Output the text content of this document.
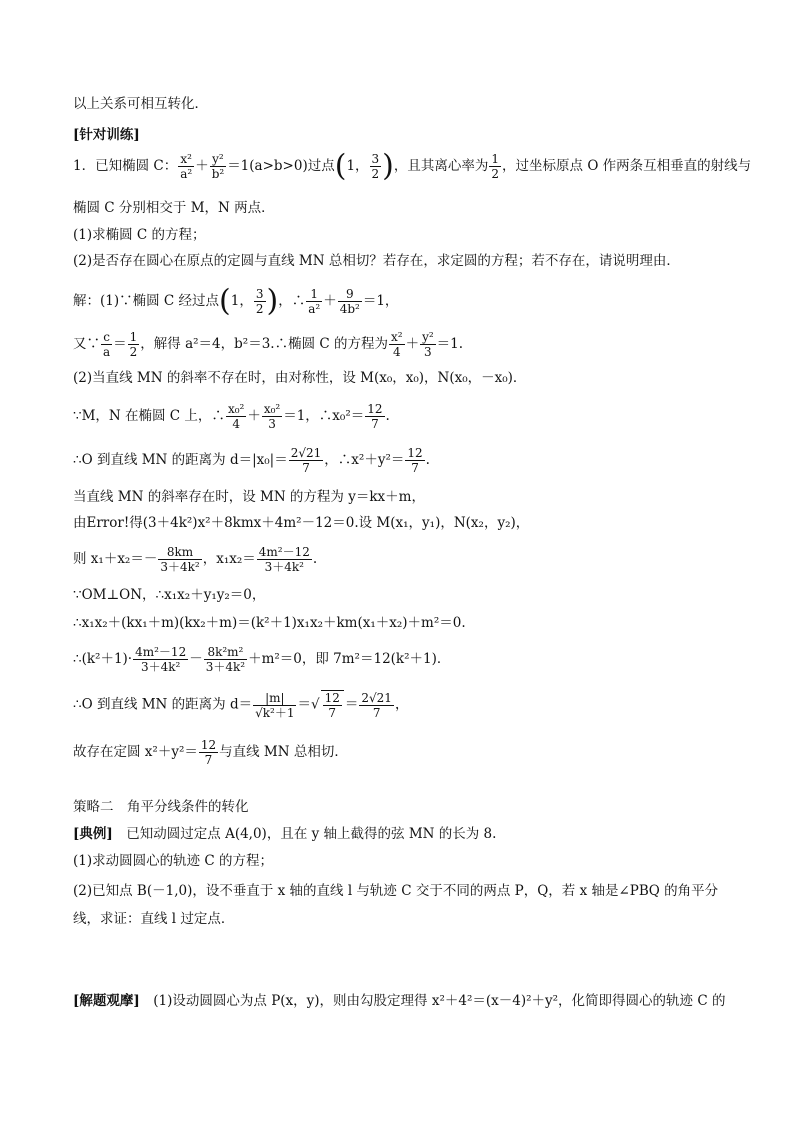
以上关系可相互转化．
[针对训练]
1．已知椭圆 C： $\frac{\text{x²}}{\text{a²}} + \frac{\text{y²}}{\text{b²}} =1(a>b>0)$过点(1， $\frac{3}{2}$ )，且其离心率为 $\frac{1}{2}$ ，过坐标原点 O 作两条互相垂直的射线与
椭圆 C 分别相交于 M，N 两点．
(1)求椭圆 C 的方程；
(2)是否存在圆心在原点的定圆与直线 MN 总相切？若存在，求定圆的方程；若不存在，请说明理由．
解：(1)∵椭圆 C 经过点(1， $\frac{3}{2}$ )，∴ $\frac{1}{\text{a²}} + \frac{9}{\text{4b²}} =1$，
又∵ $\frac{c}{a} = \frac{1}{2}$ ，解得 a²＝4，b²＝3.∴椭圆 C 的方程为 $\frac{\text{x²}}{4} + \frac{\text{y²}}{3} =1$.
(2)当直线 MN 的斜率不存在时，由对称性，设 M(x₀，x₀)，N(x₀，－x₀)．
∵M，N 在椭圆 C 上，∴ $\frac{\text{x₀²}}{4} + \frac{\text{x₀²}}{3} =1$，∴x₀²＝ $\frac{12}{7}$ .
∴O 到直线 MN 的距离为 $d=|x_0|= \frac{2√21}{7}$ ，∴x²＋y²＝ $\frac{12}{7}$ .
当直线 MN 的斜率存在时，设 MN 的方程为 y＝kx＋m，
由Error!得(3＋4k²)x²＋8kmx＋4m²－12＝0.设 M(x₁，y₁)，N(x₂，y₂)，
则 $x_1+x_2=- \frac{8km}{\text{3＋4k²}}$ ，$x_1x_2= \frac{\text{4m²－12}}{\text{3＋4k²}}$ .
∵OM⊥ON，∴x₁x₂＋y₁y₂＝0，
∴x₁x₂＋(kx₁＋m)(kx₂＋m)＝(k²＋1)x₁x₂＋km(x₁＋x₂)＋m²＝0.
∴(k²＋1)· $\frac{\text{4m²－12}}{\text{3＋4k²}} - \frac{\text{8k²m²}}{\text{3＋4k²}} +m^2=0$，即 7m²＝12(k²＋1)．
∴O 到直线 MN 的距离为 $d= \frac{|m|}{\text{√k²＋1}}$ ＝√ $\frac{12}{7} = \frac{2√21}{7}$ ，
故存在定圆 $x^2+y^2= \frac{12}{7}$ 与直线 MN 总相切．
策略二　角平分线条件的转化
[典例]　已知动圆过定点 A(4,0)，且在 y 轴上截得的弦 MN 的长为 8.
(1)求动圆圆心的轨迹 C 的方程；
(2)已知点 B(－1,0)，设不垂直于 x 轴的直线 l 与轨迹 C 交于不同的两点 P，Q，若 x 轴是∠PBQ 的角平分
线，求证：直线 l 过定点．
[解题观摩]　(1)设动圆圆心为点 P(x，y)，则由勾股定理得 x²＋4²＝(x－4)²＋y²，化简即得圆心的轨迹 C 的
